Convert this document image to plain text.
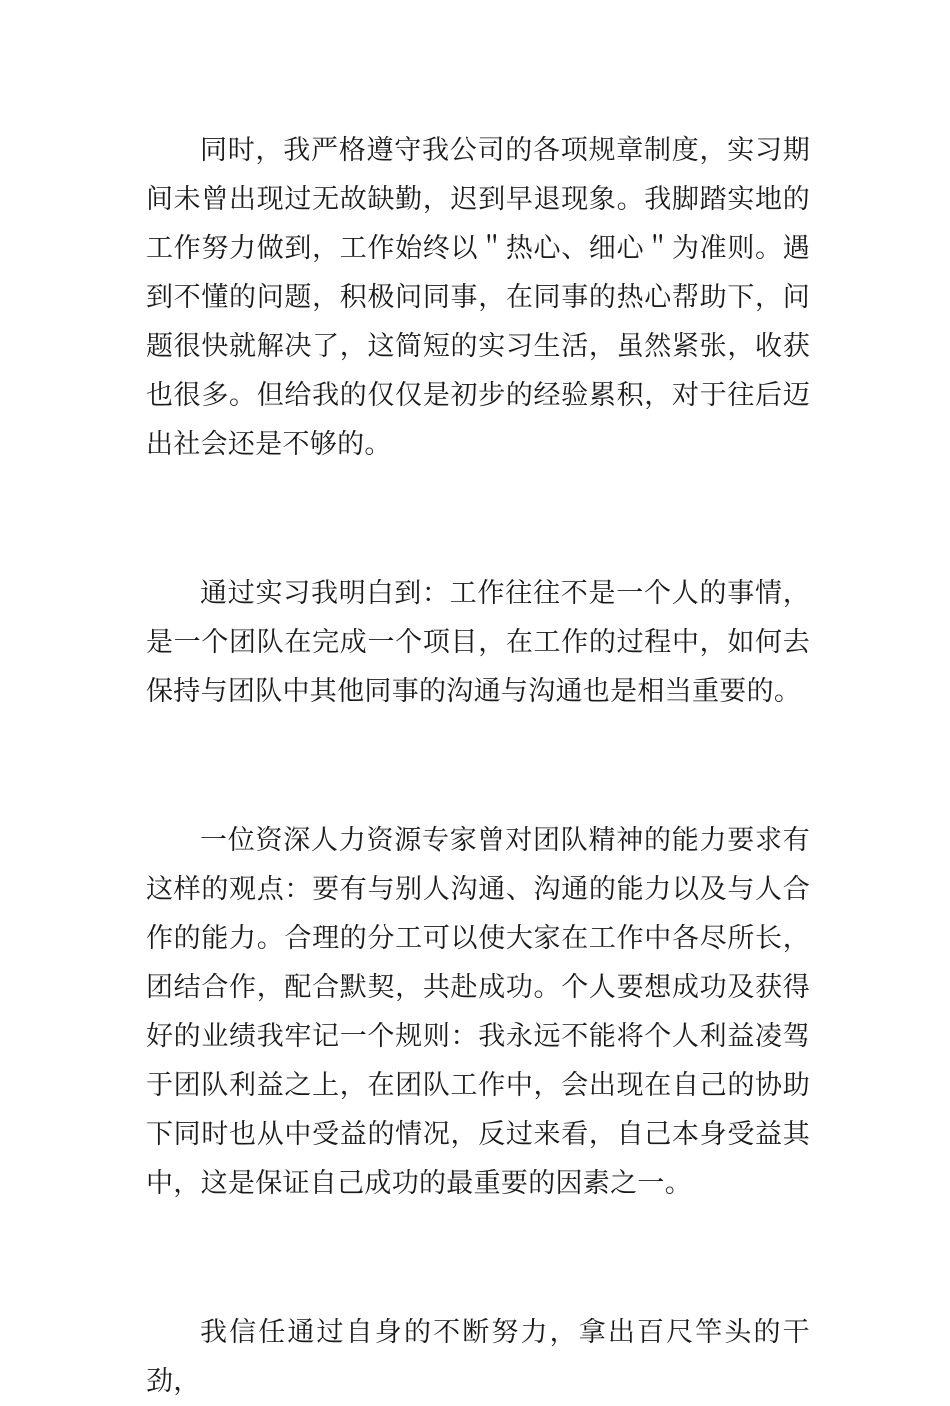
同时，我严格遵守我公司的各项规章制度，实习期间未曾出现过无故缺勤，迟到早退现象。我脚踏实地的工作努力做到，工作始终以＂热心、细心＂为准则。遇到不懂的问题，积极问同事，在同事的热心帮助下，问题很快就解决了，这简短的实习生活，虽然紧张，收获也很多。但给我的仅仅是初步的经验累积，对于往后迈出社会还是不够的。

通过实习我明白到：工作往往不是一个人的事情，是一个团队在完成一个项目，在工作的过程中，如何去保持与团队中其他同事的沟通与沟通也是相当重要的。

一位资深人力资源专家曾对团队精神的能力要求有这样的观点：要有与别人沟通、沟通的能力以及与人合作的能力。合理的分工可以使大家在工作中各尽所长，团结合作，配合默契，共赴成功。个人要想成功及获得好的业绩我牢记一个规则：我永远不能将个人利益凌驾于团队利益之上，在团队工作中，会出现在自己的协助下同时也从中受益的情况，反过来看，自己本身受益其中，这是保证自己成功的最重要的因素之一。

我信任通过自身的不断努力，拿出百尺竿头的干劲，
